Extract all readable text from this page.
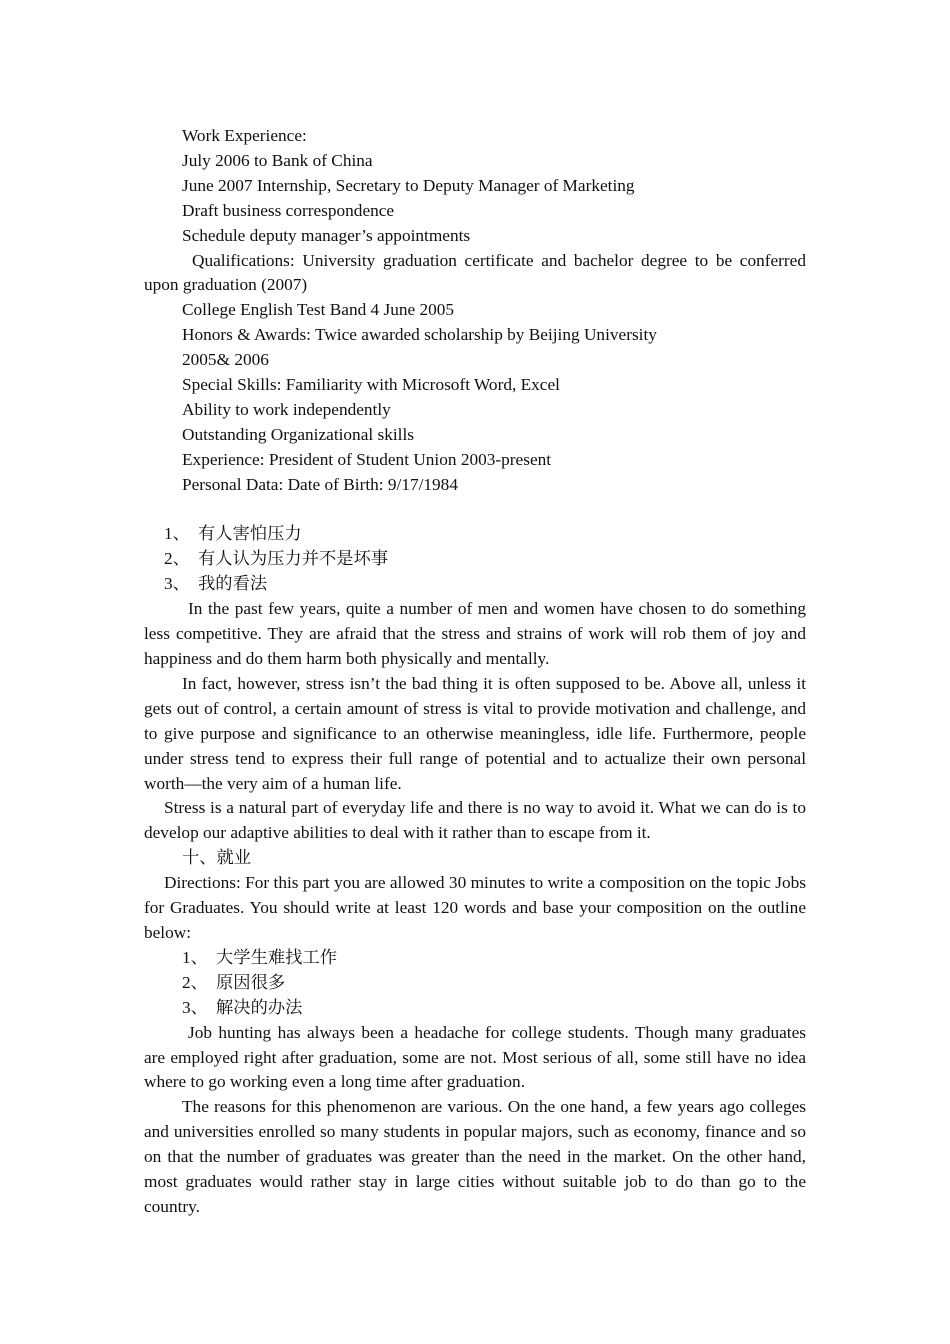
Work Experience:

July 2006 to Bank of China

June 2007 Internship, Secretary to Deputy Manager of Marketing

Draft business correspondence

Schedule deputy manager’s appointments

Qualifications: University graduation certificate and bachelor degree to be conferred upon graduation (2007)

College English Test Band 4 June 2005

Honors & Awards: Twice awarded scholarship by Beijing University

2005& 2006

Special Skills: Familiarity with Microsoft Word, Excel

Ability to work independently

Outstanding Organizational skills

Experience: President of Student Union 2003-present

Personal Data: Date of Birth: 9/17/1984

1、 有人害怕压力

2、 有人认为压力并不是坏事

3、 我的看法

In the past few years, quite a number of men and women have chosen to do something less competitive. They are afraid that the stress and strains of work will rob them of joy and happiness and do them harm both physically and mentally.

In fact, however, stress isn’t the bad thing it is often supposed to be. Above all, unless it gets out of control, a certain amount of stress is vital to provide motivation and challenge, and to give purpose and significance to an otherwise meaningless, idle life. Furthermore, people under stress tend to express their full range of potential and to actualize their own personal worth—the very aim of a human life.

Stress is a natural part of everyday life and there is no way to avoid it. What we can do is to develop our adaptive abilities to deal with it rather than to escape from it.

十、就业

Directions: For this part you are allowed 30 minutes to write a composition on the topic Jobs for Graduates. You should write at least 120 words and base your composition on the outline below:

1、 大学生难找工作

2、 原因很多

3、 解决的办法

Job hunting has always been a headache for college students. Though many graduates are employed right after graduation, some are not. Most serious of all, some still have no idea where to go working even a long time after graduation.

The reasons for this phenomenon are various. On the one hand, a few years ago colleges and universities enrolled so many students in popular majors, such as economy, finance and so on that the number of graduates was greater than the need in the market. On the other hand, most graduates would rather stay in large cities without suitable job to do than go to the country.
